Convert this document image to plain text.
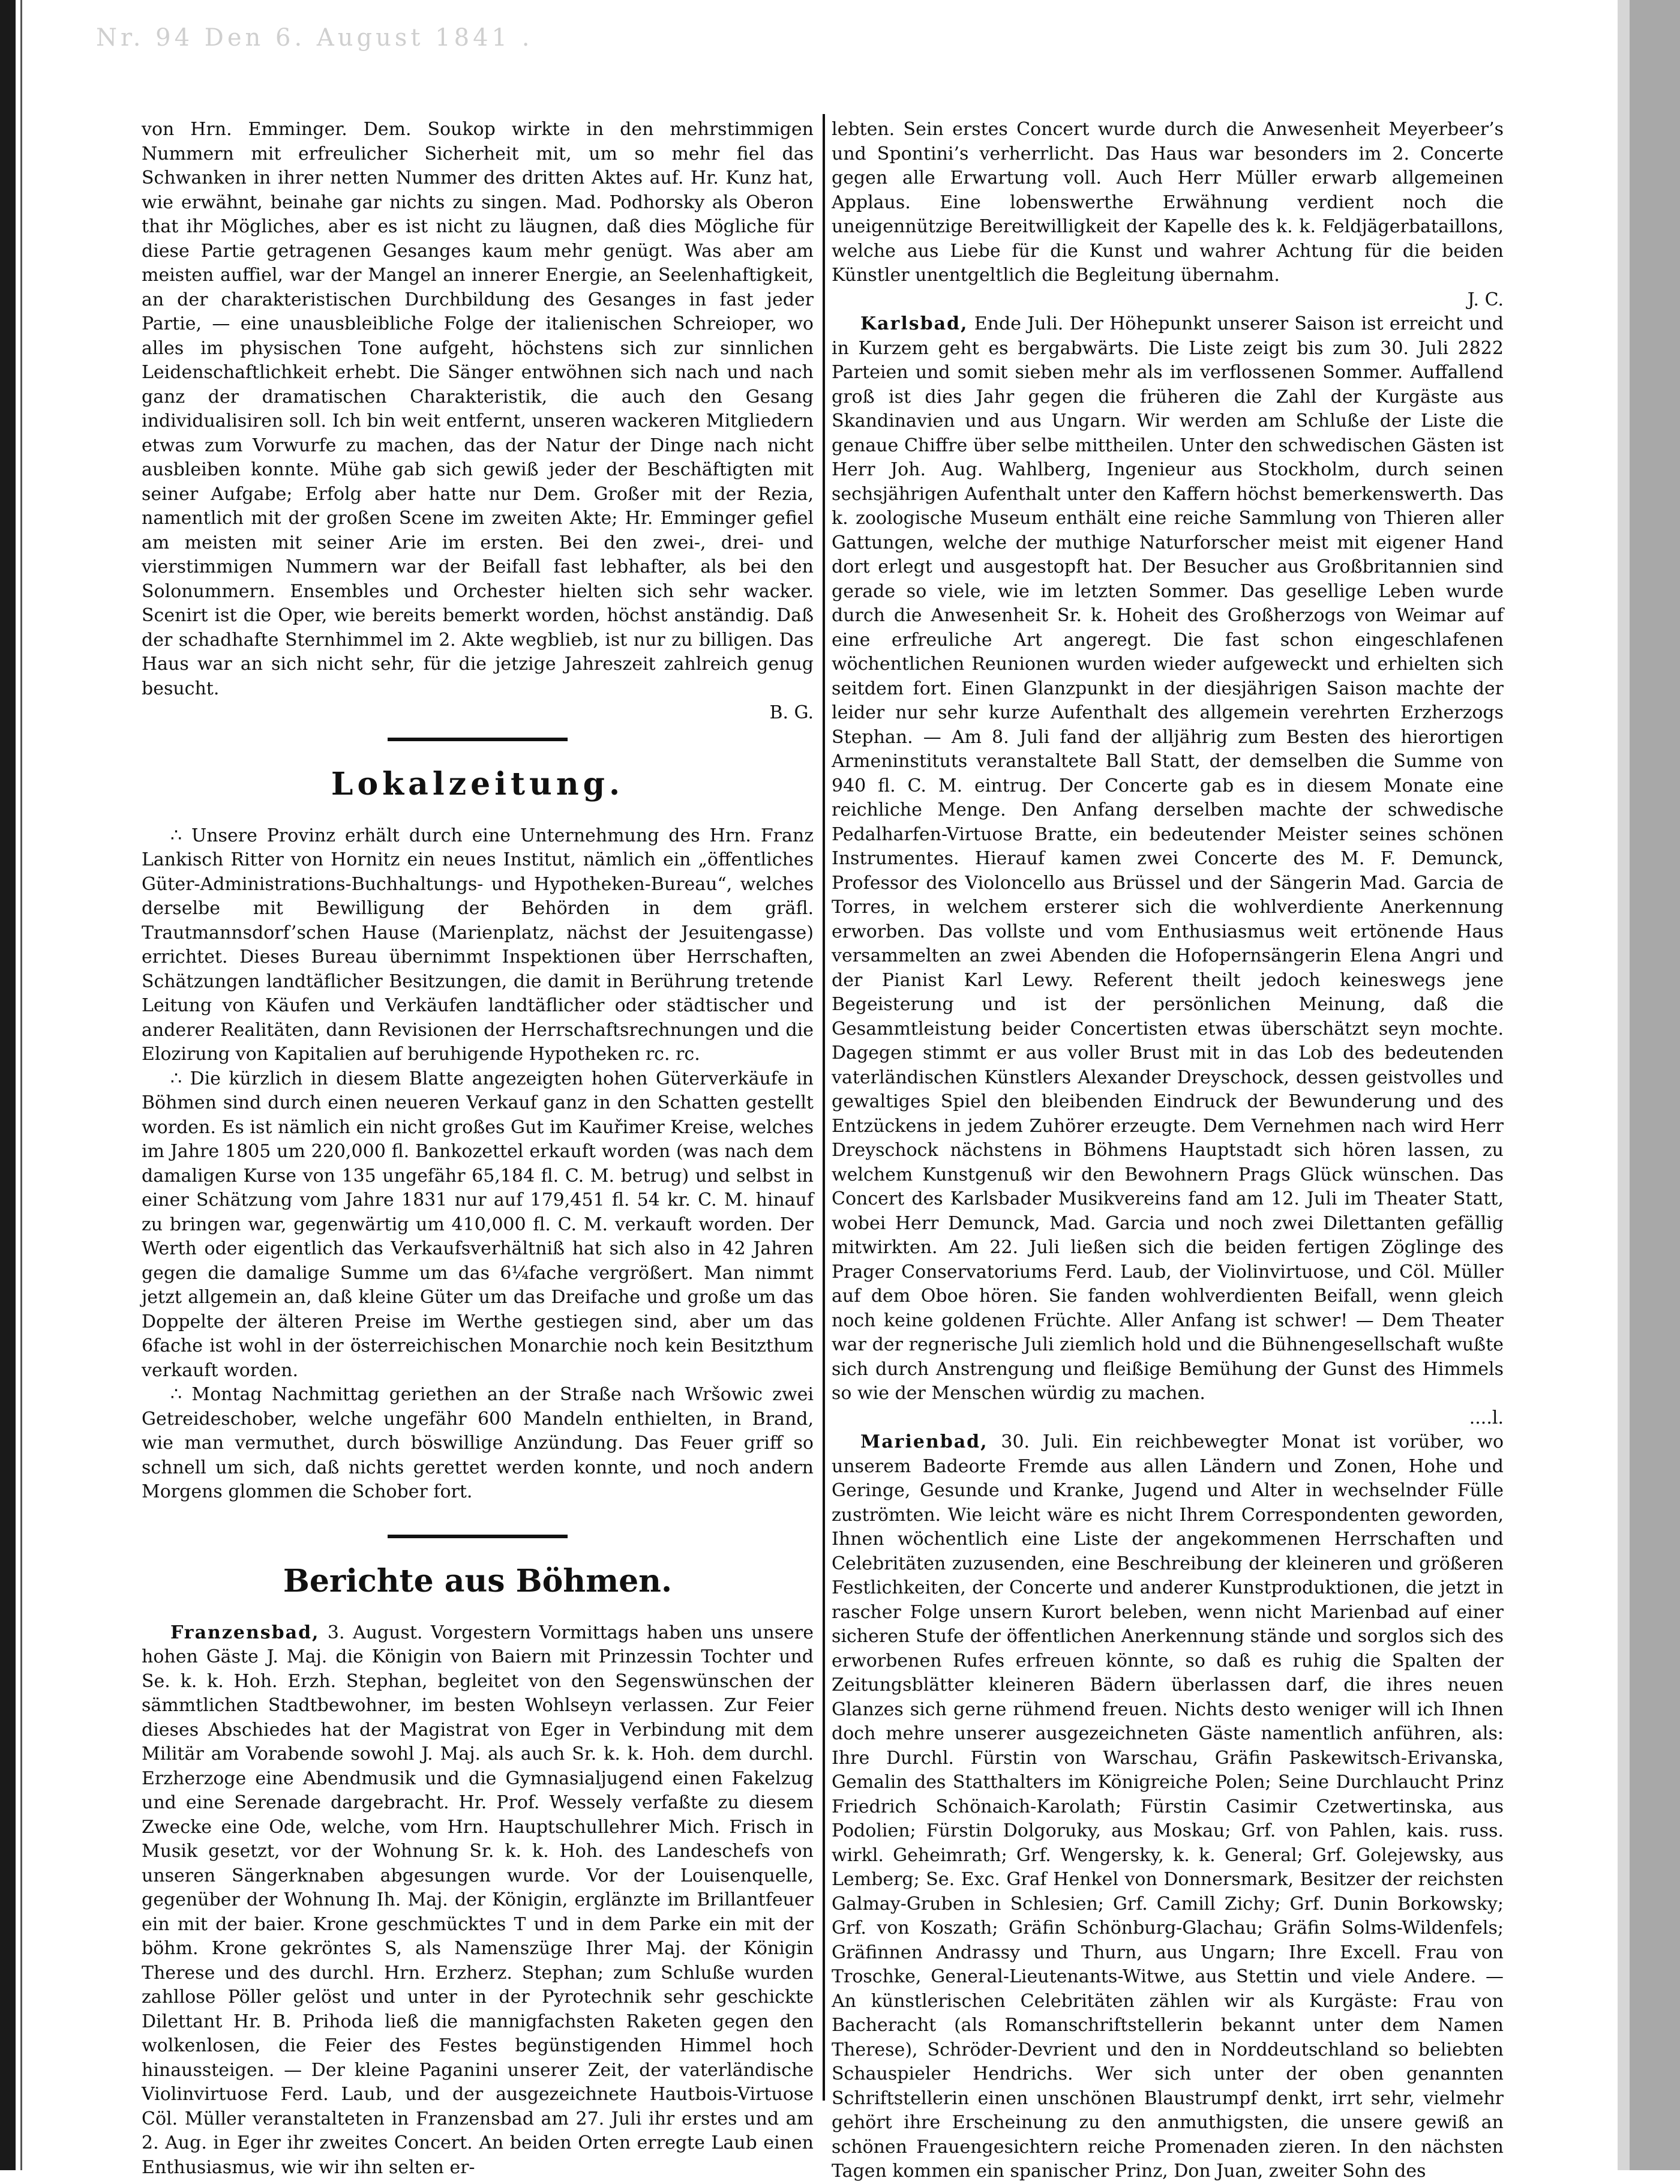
Nr. 94 Den 6. August 1841 .

von Hrn. Emminger. Dem. Soukop wirkte in den mehrstimmigen Nummern mit erfreulicher Sicherheit mit, um so mehr fiel das Schwanken in ihrer netten Nummer des dritten Aktes auf. Hr. Kunz hat, wie erwähnt, beinahe gar nichts zu singen. Mad. Podhorsky als Oberon that ihr Mögliches, aber es ist nicht zu läugnen, daß dies Mögliche für diese Partie getragenen Gesanges kaum mehr genügt. Was aber am meisten auffiel, war der Mangel an innerer Energie, an Seelenhaftigkeit, an der charakteristischen Durchbildung des Gesanges in fast jeder Partie, — eine unausbleibliche Folge der italienischen Schreioper, wo alles im physischen Tone aufgeht, höchstens sich zur sinnlichen Leidenschaftlichkeit erhebt. Die Sänger entwöhnen sich nach und nach ganz der dramatischen Charakteristik, die auch den Gesang individualisiren soll. Ich bin weit entfernt, unseren wackeren Mitgliedern etwas zum Vorwurfe zu machen, das der Natur der Dinge nach nicht ausbleiben konnte. Mühe gab sich gewiß jeder der Beschäftigten mit seiner Aufgabe; Erfolg aber hatte nur Dem. Großer mit der Rezia, namentlich mit der großen Scene im zweiten Akte; Hr. Emminger gefiel am meisten mit seiner Arie im ersten. Bei den zwei-, drei- und vierstimmigen Nummern war der Beifall fast lebhafter, als bei den Solonummern. Ensembles und Orchester hielten sich sehr wacker. Scenirt ist die Oper, wie bereits bemerkt worden, höchst anständig. Daß der schadhafte Sternhimmel im 2. Akte wegblieb, ist nur zu billigen. Das Haus war an sich nicht sehr, für die jetzige Jahreszeit zahlreich genug besucht.

B. G.

Lokalzeitung.

∴ Unsere Provinz erhält durch eine Unternehmung des Hrn. Franz Lankisch Ritter von Hornitz ein neues Institut, nämlich ein „öffentliches Güter-Administrations-Buchhaltungs- und Hypotheken-Bureau“, welches derselbe mit Bewilligung der Behörden in dem gräfl. Trautmannsdorf’schen Hause (Marienplatz, nächst der Jesuitengasse) errichtet. Dieses Bureau übernimmt Inspektionen über Herrschaften, Schätzungen landtäflicher Besitzungen, die damit in Berührung tretende Leitung von Käufen und Verkäufen landtäflicher oder städtischer und anderer Realitäten, dann Revisionen der Herrschaftsrechnungen und die Elozirung von Kapitalien auf beruhigende Hypotheken rc. rc.

∴ Die kürzlich in diesem Blatte angezeigten hohen Güterverkäufe in Böhmen sind durch einen neueren Verkauf ganz in den Schatten gestellt worden. Es ist nämlich ein nicht großes Gut im Kauřimer Kreise, welches im Jahre 1805 um 220,000 fl. Bankozettel erkauft worden (was nach dem damaligen Kurse von 135 ungefähr 65,184 fl. C. M. betrug) und selbst in einer Schätzung vom Jahre 1831 nur auf 179,451 fl. 54 kr. C. M. hinauf zu bringen war, gegenwärtig um 410,000 fl. C. M. verkauft worden. Der Werth oder eigentlich das Verkaufsverhältniß hat sich also in 42 Jahren gegen die damalige Summe um das 6¼fache vergrößert. Man nimmt jetzt allgemein an, daß kleine Güter um das Dreifache und große um das Doppelte der älteren Preise im Werthe gestiegen sind, aber um das 6fache ist wohl in der österreichischen Monarchie noch kein Besitzthum verkauft worden.

∴ Montag Nachmittag geriethen an der Straße nach Wršowic zwei Getreideschober, welche ungefähr 600 Mandeln enthielten, in Brand, wie man vermuthet, durch böswillige Anzündung. Das Feuer griff so schnell um sich, daß nichts gerettet werden konnte, und noch andern Morgens glommen die Schober fort.

Berichte aus Böhmen.

Franzensbad, 3. August. Vorgestern Vormittags haben uns unsere hohen Gäste J. Maj. die Königin von Baiern mit Prinzessin Tochter und Se. k. k. Hoh. Erzh. Stephan, begleitet von den Segenswünschen der sämmtlichen Stadtbewohner, im besten Wohlseyn verlassen. Zur Feier dieses Abschiedes hat der Magistrat von Eger in Verbindung mit dem Militär am Vorabende sowohl J. Maj. als auch Sr. k. k. Hoh. dem durchl. Erzherzoge eine Abendmusik und die Gymnasialjugend einen Fakelzug und eine Serenade dargebracht. Hr. Prof. Wessely verfaßte zu diesem Zwecke eine Ode, welche, vom Hrn. Hauptschullehrer Mich. Frisch in Musik gesetzt, vor der Wohnung Sr. k. k. Hoh. des Landeschefs von unseren Sängerknaben abgesungen wurde. Vor der Louisenquelle, gegenüber der Wohnung Ih. Maj. der Königin, erglänzte im Brillantfeuer ein mit der baier. Krone geschmücktes T und in dem Parke ein mit der böhm. Krone gekröntes S, als Namenszüge Ihrer Maj. der Königin Therese und des durchl. Hrn. Erzherz. Stephan; zum Schluße wurden zahllose Pöller gelöst und unter in der Pyrotechnik sehr geschickte Dilettant Hr. B. Prihoda ließ die mannigfachsten Raketen gegen den wolkenlosen, die Feier des Festes begünstigenden Himmel hoch hinaussteigen. — Der kleine Paganini unserer Zeit, der vaterländische Violinvirtuose Ferd. Laub, und der ausgezeichnete Hautbois-Virtuose Cöl. Müller veranstalteten in Franzensbad am 27. Juli ihr erstes und am 2. Aug. in Eger ihr zweites Concert. An beiden Orten erregte Laub einen Enthusiasmus, wie wir ihn selten er-

lebten. Sein erstes Concert wurde durch die Anwesenheit Meyerbeer’s und Spontini’s verherrlicht. Das Haus war besonders im 2. Concerte gegen alle Erwartung voll. Auch Herr Müller erwarb allgemeinen Applaus. Eine lobenswerthe Erwähnung verdient noch die uneigennützige Bereitwilligkeit der Kapelle des k. k. Feldjägerbataillons, welche aus Liebe für die Kunst und wahrer Achtung für die beiden Künstler unentgeltlich die Begleitung übernahm.

J. C.

Karlsbad, Ende Juli. Der Höhepunkt unserer Saison ist erreicht und in Kurzem geht es bergabwärts. Die Liste zeigt bis zum 30. Juli 2822 Parteien und somit sieben mehr als im verflossenen Sommer. Auffallend groß ist dies Jahr gegen die früheren die Zahl der Kurgäste aus Skandinavien und aus Ungarn. Wir werden am Schluße der Liste die genaue Chiffre über selbe mittheilen. Unter den schwedischen Gästen ist Herr Joh. Aug. Wahlberg, Ingenieur aus Stockholm, durch seinen sechsjährigen Aufenthalt unter den Kaffern höchst bemerkenswerth. Das k. zoologische Museum enthält eine reiche Sammlung von Thieren aller Gattungen, welche der muthige Naturforscher meist mit eigener Hand dort erlegt und ausgestopft hat. Der Besucher aus Großbritannien sind gerade so viele, wie im letzten Sommer. Das gesellige Leben wurde durch die Anwesenheit Sr. k. Hoheit des Großherzogs von Weimar auf eine erfreuliche Art angeregt. Die fast schon eingeschlafenen wöchentlichen Reunionen wurden wieder aufgeweckt und erhielten sich seitdem fort. Einen Glanzpunkt in der diesjährigen Saison machte der leider nur sehr kurze Aufenthalt des allgemein verehrten Erzherzogs Stephan. — Am 8. Juli fand der alljährig zum Besten des hierortigen Armeninstituts veranstaltete Ball Statt, der demselben die Summe von 940 fl. C. M. eintrug. Der Concerte gab es in diesem Monate eine reichliche Menge. Den Anfang derselben machte der schwedische Pedalharfen-Virtuose Bratte, ein bedeutender Meister seines schönen Instrumentes. Hierauf kamen zwei Concerte des M. F. Demunck, Professor des Violoncello aus Brüssel und der Sängerin Mad. Garcia de Torres, in welchem ersterer sich die wohlverdiente Anerkennung erworben. Das vollste und vom Enthusiasmus weit ertönende Haus versammelten an zwei Abenden die Hofopernsängerin Elena Angri und der Pianist Karl Lewy. Referent theilt jedoch keineswegs jene Begeisterung und ist der persönlichen Meinung, daß die Gesammtleistung beider Concertisten etwas überschätzt seyn mochte. Dagegen stimmt er aus voller Brust mit in das Lob des bedeutenden vaterländischen Künstlers Alexander Dreyschock, dessen geistvolles und gewaltiges Spiel den bleibenden Eindruck der Bewunderung und des Entzückens in jedem Zuhörer erzeugte. Dem Vernehmen nach wird Herr Dreyschock nächstens in Böhmens Hauptstadt sich hören lassen, zu welchem Kunstgenuß wir den Bewohnern Prags Glück wünschen. Das Concert des Karlsbader Musikvereins fand am 12. Juli im Theater Statt, wobei Herr Demunck, Mad. Garcia und noch zwei Dilettanten gefällig mitwirkten. Am 22. Juli ließen sich die beiden fertigen Zöglinge des Prager Conservatoriums Ferd. Laub, der Violinvirtuose, und Cöl. Müller auf dem Oboe hören. Sie fanden wohlverdienten Beifall, wenn gleich noch keine goldenen Früchte. Aller Anfang ist schwer! — Dem Theater war der regnerische Juli ziemlich hold und die Bühnengesellschaft wußte sich durch Anstrengung und fleißige Bemühung der Gunst des Himmels so wie der Menschen würdig zu machen.

....l.

Marienbad, 30. Juli. Ein reichbewegter Monat ist vorüber, wo unserem Badeorte Fremde aus allen Ländern und Zonen, Hohe und Geringe, Gesunde und Kranke, Jugend und Alter in wechselnder Fülle zuströmten. Wie leicht wäre es nicht Ihrem Correspondenten geworden, Ihnen wöchentlich eine Liste der angekommenen Herrschaften und Celebritäten zuzusenden, eine Beschreibung der kleineren und größeren Festlichkeiten, der Concerte und anderer Kunstproduktionen, die jetzt in rascher Folge unsern Kurort beleben, wenn nicht Marienbad auf einer sicheren Stufe der öffentlichen Anerkennung stände und sorglos sich des erworbenen Rufes erfreuen könnte, so daß es ruhig die Spalten der Zeitungsblätter kleineren Bädern überlassen darf, die ihres neuen Glanzes sich gerne rühmend freuen. Nichts desto weniger will ich Ihnen doch mehre unserer ausgezeichneten Gäste namentlich anführen, als: Ihre Durchl. Fürstin von Warschau, Gräfin Paskewitsch-Erivanska, Gemalin des Statthalters im Königreiche Polen; Seine Durchlaucht Prinz Friedrich Schönaich-Karolath; Fürstin Casimir Czetwertinska, aus Podolien; Fürstin Dolgoruky, aus Moskau; Grf. von Pahlen, kais. russ. wirkl. Geheimrath; Grf. Wengersky, k. k. General; Grf. Golejewsky, aus Lemberg; Se. Exc. Graf Henkel von Donnersmark, Besitzer der reichsten Galmay-Gruben in Schlesien; Grf. Camill Zichy; Grf. Dunin Borkowsky; Grf. von Koszath; Gräfin Schönburg-Glachau; Gräfin Solms-Wildenfels; Gräfinnen Andrassy und Thurn, aus Ungarn; Ihre Excell. Frau von Troschke, General-Lieutenants-Witwe, aus Stettin und viele Andere. — An künstlerischen Celebritäten zählen wir als Kurgäste: Frau von Bacheracht (als Romanschriftstellerin bekannt unter dem Namen Therese), Schröder-Devrient und den in Norddeutschland so beliebten Schauspieler Hendrichs. Wer sich unter der oben genannten Schriftstellerin einen unschönen Blaustrumpf denkt, irrt sehr, vielmehr gehört ihre Erscheinung zu den anmuthigsten, die unsere gewiß an schönen Frauengesichtern reiche Promenaden zieren. In den nächsten Tagen kommen ein spanischer Prinz, Don Juan, zweiter Sohn des
